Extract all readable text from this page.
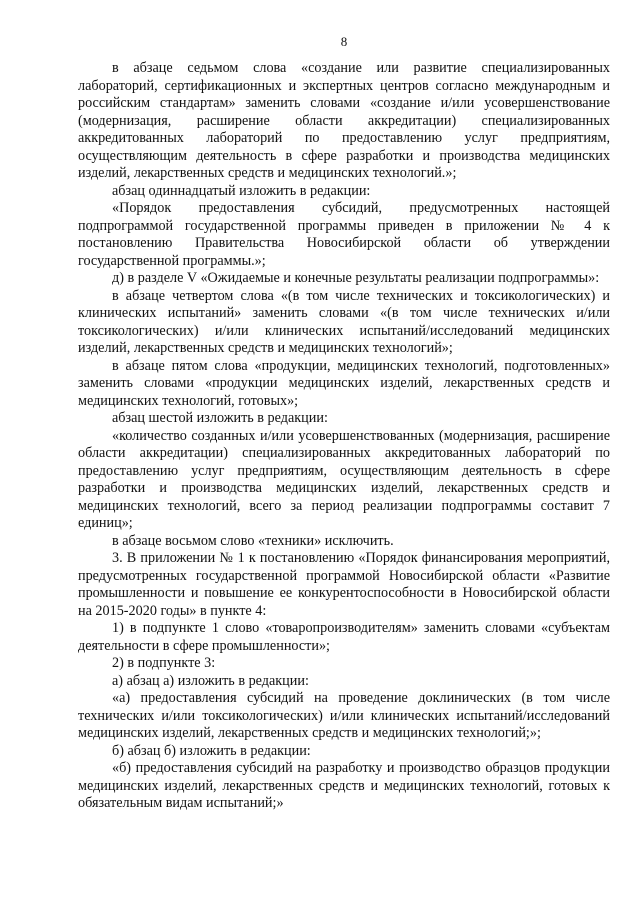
8

в абзаце седьмом слова «создание или развитие специализированных лабораторий, сертификационных и экспертных центров согласно международным и российским стандартам» заменить словами «создание и/или усовершенствование (модернизация, расширение области аккредитации) специализированных аккредитованных лабораторий по предоставлению услуг предприятиям, осуществляющим деятельность в сфере разработки и производства медицинских изделий, лекарственных средств и медицинских технологий.»;

абзац одиннадцатый изложить в редакции:

«Порядок предоставления субсидий, предусмотренных настоящей подпрограммой государственной программы приведен в приложении № 4 к постановлению Правительства Новосибирской области об утверждении государственной программы.»;

д) в разделе V «Ожидаемые и конечные результаты реализации подпрограммы»:

в абзаце четвертом слова «(в том числе технических и токсикологических) и клинических испытаний» заменить словами «(в том числе технических и/или токсикологических) и/или клинических испытаний/исследований медицинских изделий, лекарственных средств и медицинских технологий»;

в абзаце пятом слова «продукции, медицинских технологий, подготовленных» заменить словами «продукции медицинских изделий, лекарственных средств и медицинских технологий, готовых»;

абзац шестой изложить в редакции:

«количество созданных и/или усовершенствованных (модернизация, расширение области аккредитации) специализированных аккредитованных лабораторий по предоставлению услуг предприятиям, осуществляющим деятельность в сфере разработки и производства медицинских изделий, лекарственных средств и медицинских технологий, всего за период реализации подпрограммы составит 7 единиц»;

в абзаце восьмом слово «техники» исключить.

3. В приложении № 1 к постановлению «Порядок финансирования мероприятий, предусмотренных государственной программой Новосибирской области «Развитие промышленности и повышение ее конкурентоспособности в Новосибирской области на 2015-2020 годы» в пункте 4:

1) в подпункте 1 слово «товаропроизводителям» заменить словами «субъектам деятельности в сфере промышленности»;

2) в подпункте 3:

а) абзац а) изложить в редакции:

«а) предоставления субсидий на проведение доклинических (в том числе технических и/или токсикологических) и/или клинических испытаний/исследований медицинских изделий, лекарственных средств и медицинских технологий;»;

б) абзац б) изложить в редакции:

«б) предоставления субсидий на разработку и производство образцов продукции медицинских изделий, лекарственных средств и медицинских технологий, готовых к обязательным видам испытаний;»
